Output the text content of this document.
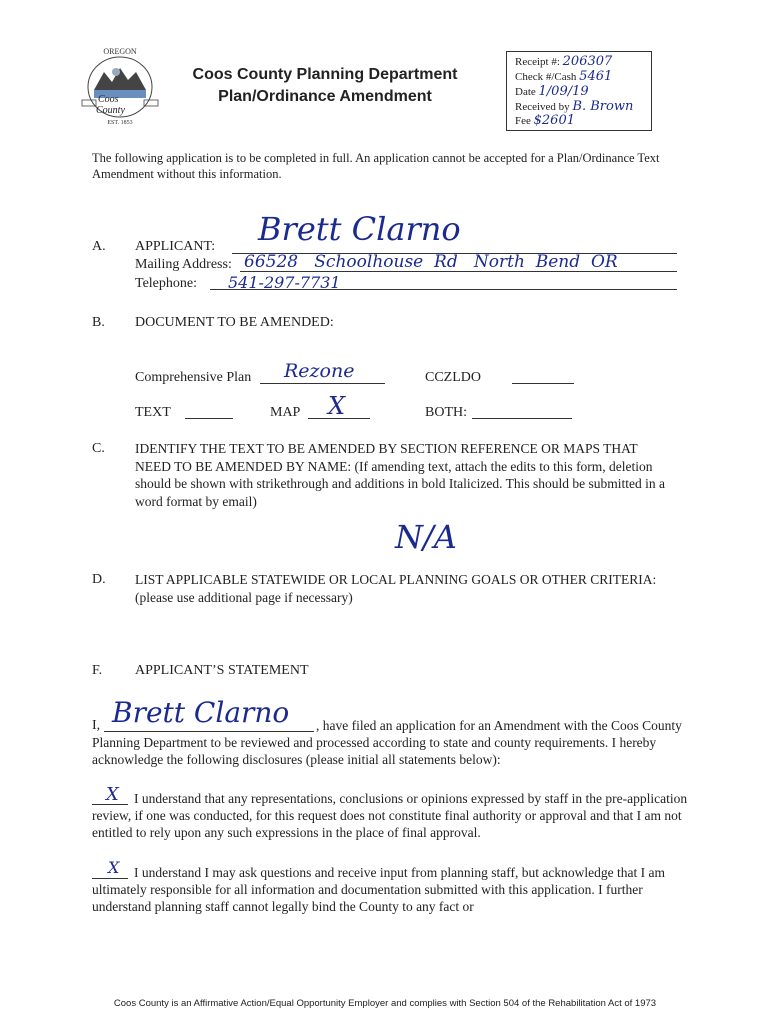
OREGON
Coos
County
EST. 1853
Coos County Planning Department
Plan/Ordinance Amendment
Receipt #: 206307
Check #/Cash 5461
Date 1/09/19
Received by B. Brown
Fee $2601
The following application is to be completed in full. An application cannot be accepted for a Plan/Ordinance Text Amendment without this information.
A. APPLICANT: Brett Clarno
Mailing Address: 66528   Schoolhouse  Rd   North  Bend  OR
Telephone: 541-297-7731
B. DOCUMENT TO BE AMENDED:
Comprehensive Plan Rezone	CCZLDO
TEXT	MAP X	BOTH:
C. IDENTIFY THE TEXT TO BE AMENDED BY SECTION REFERENCE OR MAPS THAT NEED TO BE AMENDED BY NAME: (If amending text, attach the edits to this form, deletion should be shown with strikethrough and additions in bold Italicized. This should be submitted in a word format by email)
N/A
D. LIST APPLICABLE STATEWIDE OR LOCAL PLANNING GOALS OR OTHER CRITERIA: (please use additional page if necessary)
F. APPLICANT’S STATEMENT
I, Brett Clarno	, have filed an application for an Amendment with the Coos County Planning Department to be reviewed and processed according to state and county requirements. I hereby acknowledge the following disclosures (please initial all statements below):
X	I understand that any representations, conclusions or opinions expressed by staff in the pre-application review, if one was conducted, for this request does not constitute final authority or approval and that I am not entitled to rely upon any such expressions in the place of final approval.
X	I understand I may ask questions and receive input from planning staff, but acknowledge that I am ultimately responsible for all information and documentation submitted with this application. I further understand planning staff cannot legally bind the County to any fact or
Coos County is an Affirmative Action/Equal Opportunity Employer and complies with Section 504 of the Rehabilitation Act of 1973
